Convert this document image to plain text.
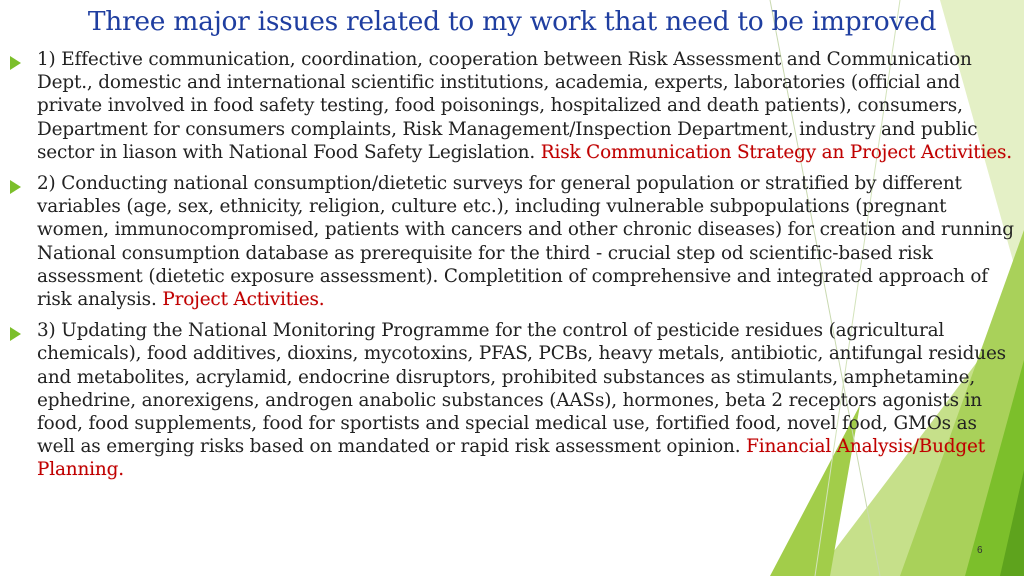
Three major issues related to my work that need to be improved
1) Effective communication, coordination, cooperation between Risk Assessment and Communication Dept., domestic and international scientific institutions, academia, experts, laboratories (official and private involved in food safety testing, food poisonings, hospitalized and death patients), consumers, Department for consumers complaints, Risk Management/Inspection Department, industry and public sector in liason with National Food Safety Legislation. Risk Communication Strategy an Project Activities.
2) Conducting national consumption/dietetic surveys for general population or stratified by different variables (age, sex, ethnicity, religion, culture etc.), including vulnerable subpopulations (pregnant women, immunocompromised, patients with cancers and other chronic diseases) for creation and running National consumption database as prerequisite for the third - crucial step od scientific-based risk assessment (dietetic exposure assessment). Completition of comprehensive and integrated approach of risk analysis. Project Activities.
3) Updating the National Monitoring Programme for the control of pesticide residues (agricultural chemicals), food additives, dioxins, mycotoxins, PFAS, PCBs, heavy metals, antibiotic, antifungal residues and metabolites, acrylamid, endocrine disruptors, prohibited substances as stimulants, amphetamine, ephedrine, anorexigens, androgen anabolic substances (AASs), hormones, beta 2 receptors agonists in food, food supplements, food for sportists and special medical use, fortified food, novel food, GMOs as well as emerging risks based on mandated or rapid risk assessment opinion. Financial Analysis/Budget Planning.
6
